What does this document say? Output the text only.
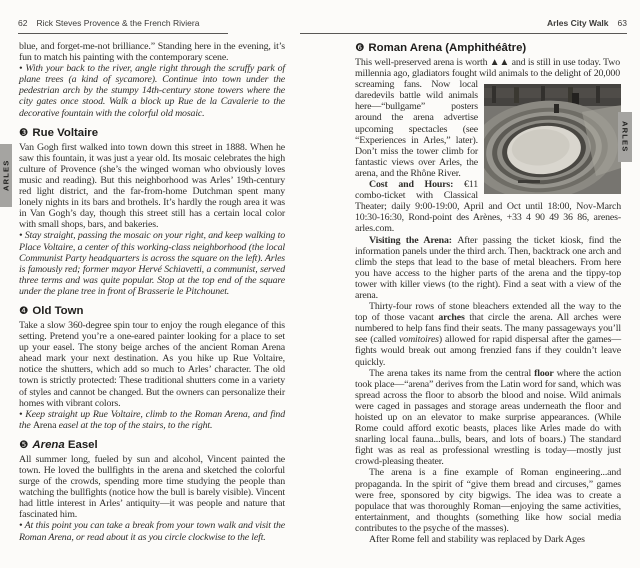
62 Rick Steves Provence & the French Riviera	Arles City Walk 63

blue, and forget-me-not brilliance.” Standing here in the evening, it’s fun to match his painting with the contemporary scene.

• With your back to the river, angle right through the scruffy park of plane trees (a kind of sycamore). Continue into town under the pedestrian arch by the stumpy 14th-century stone towers where the city gates once stood. Walk a block up Rue de la Cavalerie to the decorative fountain with the colorful old mosaic.

❸ Rue Voltaire

Van Gogh first walked into town down this street in 1888. When he saw this fountain, it was just a year old. Its mosaic celebrates the high culture of Provence (she’s the winged woman who obviously loves music and reading). But this neighborhood was Arles’ 19th-century red light district, and the far-from-home Dutchman spent many lonely nights in its bars and brothels. It’s hardly the rough area it was in Van Gogh’s day, though this street still has a certain local color with small shops, bars, and bakeries.

• Stay straight, passing the mosaic on your right, and keep walking to Place Voltaire, a center of this working-class neighborhood (the local Communist Party headquarters is across the square on the left). Arles is famously red; former mayor Hervé Schiavetti, a communist, served three terms and was quite popular. Stop at the top end of the square under the plane tree in front of Brasserie le Pitchounet.

❹ Old Town

Take a slow 360-degree spin tour to enjoy the rough elegance of this setting. Pretend you’re a one-eared painter looking for a place to set up your easel. The stony beige arches of the ancient Roman Arena ahead mark your next destination. As you hike up Rue Voltaire, notice the shutters, which add so much to Arles’ character. The old town is strictly protected: These traditional shutters come in a variety of styles and cannot be changed. But the owners can personalize their homes with vibrant colors.

• Keep straight up Rue Voltaire, climb to the Roman Arena, and find the Arena easel at the top of the stairs, to the right.

❺ Arena Easel

All summer long, fueled by sun and alcohol, Vincent painted the town. He loved the bullfights in the arena and sketched the colorful surge of the crowds, spending more time studying the people than watching the bullfights (notice how the bull is barely visible). Vincent had little interest in Arles’ antiquity—it was people and nature that fascinated him.

• At this point you can take a break from your town walk and visit the Roman Arena, or read about it as you circle clockwise to the left.

❻ Roman Arena (Amphithéâtre)

This well-preserved arena is worth ▲▲ and is still in use today. Two millennia ago, gladiators fought wild animals to the delight of 20,000 screaming fans. Now local daredevils battle wild animals here—“bullgame” posters around the arena advertise upcoming spectacles (see “Experiences in Arles,” later). Don’t miss the tower climb for fantastic views over Arles, the arena, and the Rhône River.

Cost and Hours: €11 combo-ticket with Classical Theater; daily 9:00-19:00, April and Oct until 18:00, Nov-March 10:30-16:30, Rond-point des Arènes, +33 4 90 49 36 86, arenes-arles.com.

Visiting the Arena: After passing the ticket kiosk, find the information panels under the third arch. Then, backtrack one arch and climb the steps that lead to the base of metal bleachers. From here you have access to the higher parts of the arena and the tippy-top tower with killer views (to the right). Find a seat with a view of the arena.

Thirty-four rows of stone bleachers extended all the way to the top of those vacant arches that circle the arena. All arches were numbered to help fans find their seats. The many passageways you’ll see (called vomitoires) allowed for rapid dispersal after the games—fights would break out among frenzied fans if they couldn’t leave quickly.

The arena takes its name from the central floor where the action took place—“arena” derives from the Latin word for sand, which was spread across the floor to absorb the blood and noise. Wild animals were caged in passages and storage areas underneath the floor and hoisted up on an elevator to make surprise appearances. (While Rome could afford exotic beasts, places like Arles made do with snarling local fauna...bulls, bears, and lots of boars.) The standard fight was as real as professional wrestling is today—mostly just crowd-pleasing theater.

The arena is a fine example of Roman engineering...and propaganda. In the spirit of “give them bread and circuses,” games were free, sponsored by city bigwigs. The idea was to create a populace that was thoroughly Roman—enjoying the same activities, entertainment, and thoughts (something like how social media contributes to the psyche of the masses).

After Rome fell and stability was replaced by Dark Ages

ARLES
ARLES
